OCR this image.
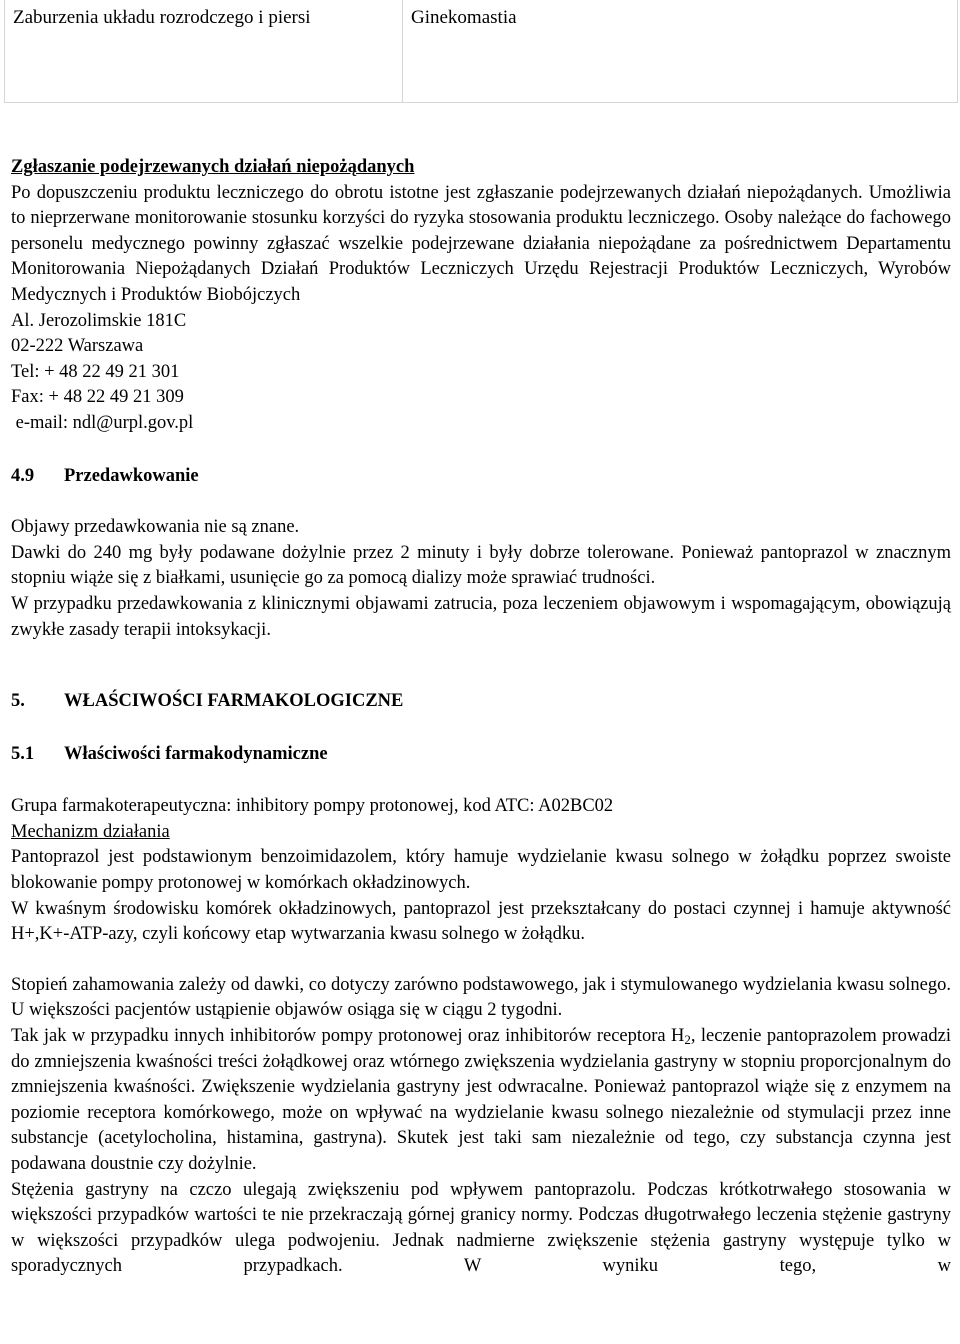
Zaburzenia układu rozrodczego i piersi	Ginekomastia

Zgłaszanie podejrzewanych działań niepożądanych

Po dopuszczeniu produktu leczniczego do obrotu istotne jest zgłaszanie podejrzewanych działań niepożądanych. Umożliwia to nieprzerwane monitorowanie stosunku korzyści do ryzyka stosowania produktu leczniczego. Osoby należące do fachowego personelu medycznego powinny zgłaszać wszelkie podejrzewane działania niepożądane za pośrednictwem Departamentu Monitorowania Niepożądanych Działań Produktów Leczniczych Urzędu Rejestracji Produktów Leczniczych, Wyrobów Medycznych i Produktów Biobójczych

Al. Jerozolimskie 181C

02-222 Warszawa

Tel: + 48 22 49 21 301

Fax: + 48 22 49 21 309

e-mail: ndl@urpl.gov.pl

4.9 Przedawkowanie

Objawy przedawkowania nie są znane.

Dawki do 240 mg były podawane dożylnie przez 2 minuty i były dobrze tolerowane. Ponieważ pantoprazol w znacznym stopniu wiąże się z białkami, usunięcie go za pomocą dializy może sprawiać trudności.

W przypadku przedawkowania z klinicznymi objawami zatrucia, poza leczeniem objawowym i wspomagającym, obowiązują zwykłe zasady terapii intoksykacji.

5. WŁAŚCIWOŚCI FARMAKOLOGICZNE

5.1 Właściwości farmakodynamiczne

Grupa farmakoterapeutyczna: inhibitory pompy protonowej, kod ATC: A02BC02

Mechanizm działania

Pantoprazol jest podstawionym benzoimidazolem, który hamuje wydzielanie kwasu solnego w żołądku poprzez swoiste blokowanie pompy protonowej w komórkach okładzinowych.

W kwaśnym środowisku komórek okładzinowych, pantoprazol jest przekształcany do postaci czynnej i hamuje aktywność H+,K+-ATP-azy, czyli końcowy etap wytwarzania kwasu solnego w żołądku.

Stopień zahamowania zależy od dawki, co dotyczy zarówno podstawowego, jak i stymulowanego wydzielania kwasu solnego. U większości pacjentów ustąpienie objawów osiąga się w ciągu 2 tygodni.

Tak jak w przypadku innych inhibitorów pompy protonowej oraz inhibitorów receptora $H_2$, leczenie pantoprazolem prowadzi do zmniejszenia kwaśności treści żołądkowej oraz wtórnego zwiększenia wydzielania gastryny w stopniu proporcjonalnym do zmniejszenia kwaśności. Zwiększenie wydzielania gastryny jest odwracalne. Ponieważ pantoprazol wiąże się z enzymem na poziomie receptora komórkowego, może on wpływać na wydzielanie kwasu solnego niezależnie od stymulacji przez inne substancje (acetylocholina, histamina, gastryna). Skutek jest taki sam niezależnie od tego, czy substancja czynna jest podawana doustnie czy dożylnie.

Stężenia gastryny na czczo ulegają zwiększeniu pod wpływem pantoprazolu. Podczas krótkotrwałego stosowania w większości przypadków wartości te nie przekraczają górnej granicy normy. Podczas długotrwałego leczenia stężenie gastryny w większości przypadków ulega podwojeniu. Jednak nadmierne zwiększenie stężenia gastryny występuje tylko w sporadycznych przypadkach. W wyniku tego, w
